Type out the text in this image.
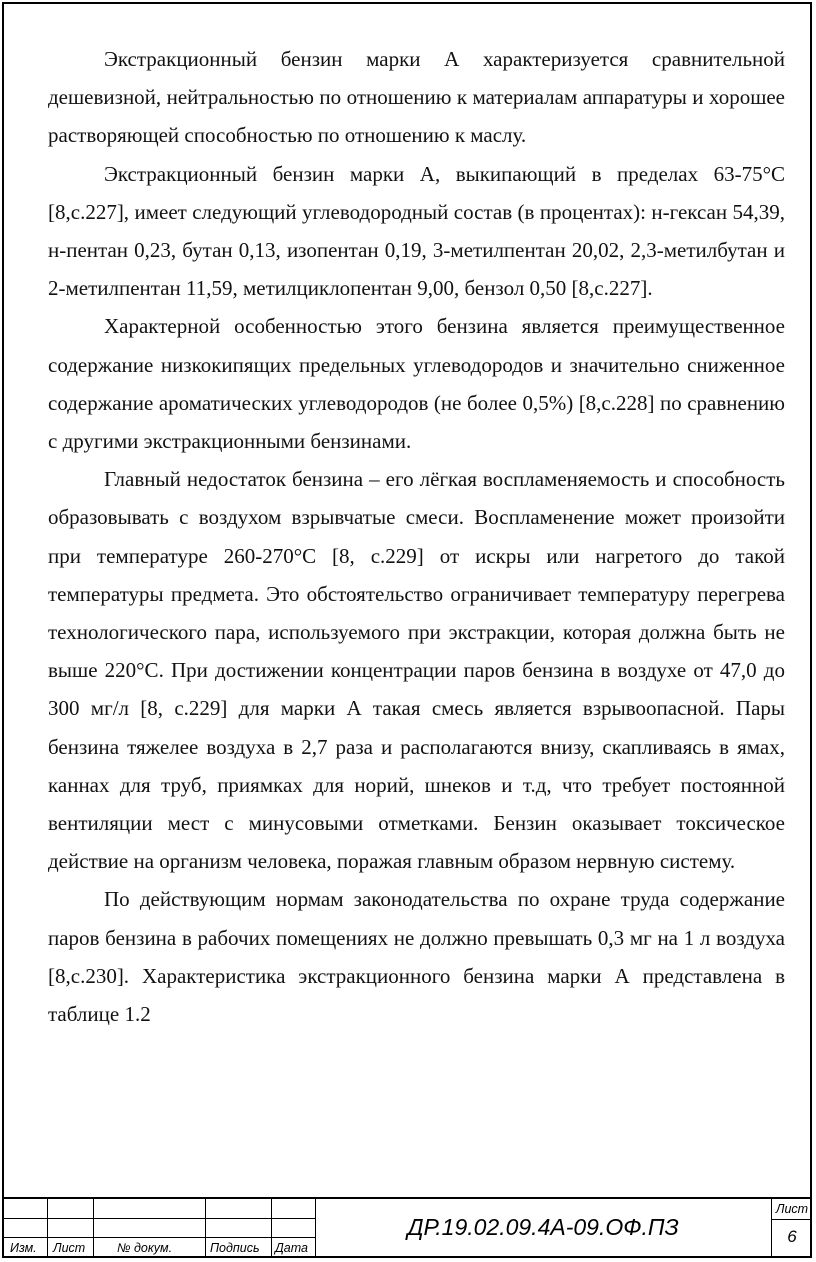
Экстракционный бензин марки А характеризуется сравнительной дешевизной, нейтральностью по отношению к материалам аппаратуры и хорошее растворяющей способностью по отношению к маслу.

Экстракционный бензин марки А, выкипающий в пределах 63-75°С [8,с.227], имеет следующий углеводородный состав (в процентах): н-гексан 54,39, н-пентан 0,23, бутан 0,13, изопентан 0,19, 3-метилпентан 20,02, 2,3-метилбутан и 2-метилпентан 11,59, метилциклопентан 9,00, бензол 0,50 [8,с.227].

Характерной особенностью этого бензина является преимущественное содержание низкокипящих предельных углеводородов и значительно сниженное содержание ароматических углеводородов (не более 0,5%) [8,с.228] по сравнению с другими экстракционными бензинами.

Главный недостаток бензина – его лёгкая воспламеняемость и способность образовывать с воздухом взрывчатые смеси. Воспламенение может произойти при температуре 260-270°С [8, с.229] от искры или нагретого до такой температуры предмета. Это обстоятельство ограничивает температуру перегрева технологического пара, используемого при экстракции, которая должна быть не выше 220°С. При достижении концентрации паров бензина в воздухе от 47,0 до 300 мг/л [8, с.229] для марки А такая смесь является взрывоопасной. Пары бензина тяжелее воздуха в 2,7 раза и располагаются внизу, скапливаясь в ямах, каннах для труб, приямках для норий, шнеков и т.д, что требует постоянной вентиляции мест с минусовыми отметками. Бензин оказывает токсическое действие на организм человека, поражая главным образом нервную систему.

По действующим нормам законодательства по охране труда содержание паров бензина в рабочих помещениях не должно превышать 0,3 мг на 1 л воздуха [8,с.230]. Характеристика экстракционного бензина марки А представлена в таблице 1.2

Изм. Лист	№ докум.	Подпись Дата
ДР.19.02.09.4А-09.ОФ.ПЗ
Лист
6
